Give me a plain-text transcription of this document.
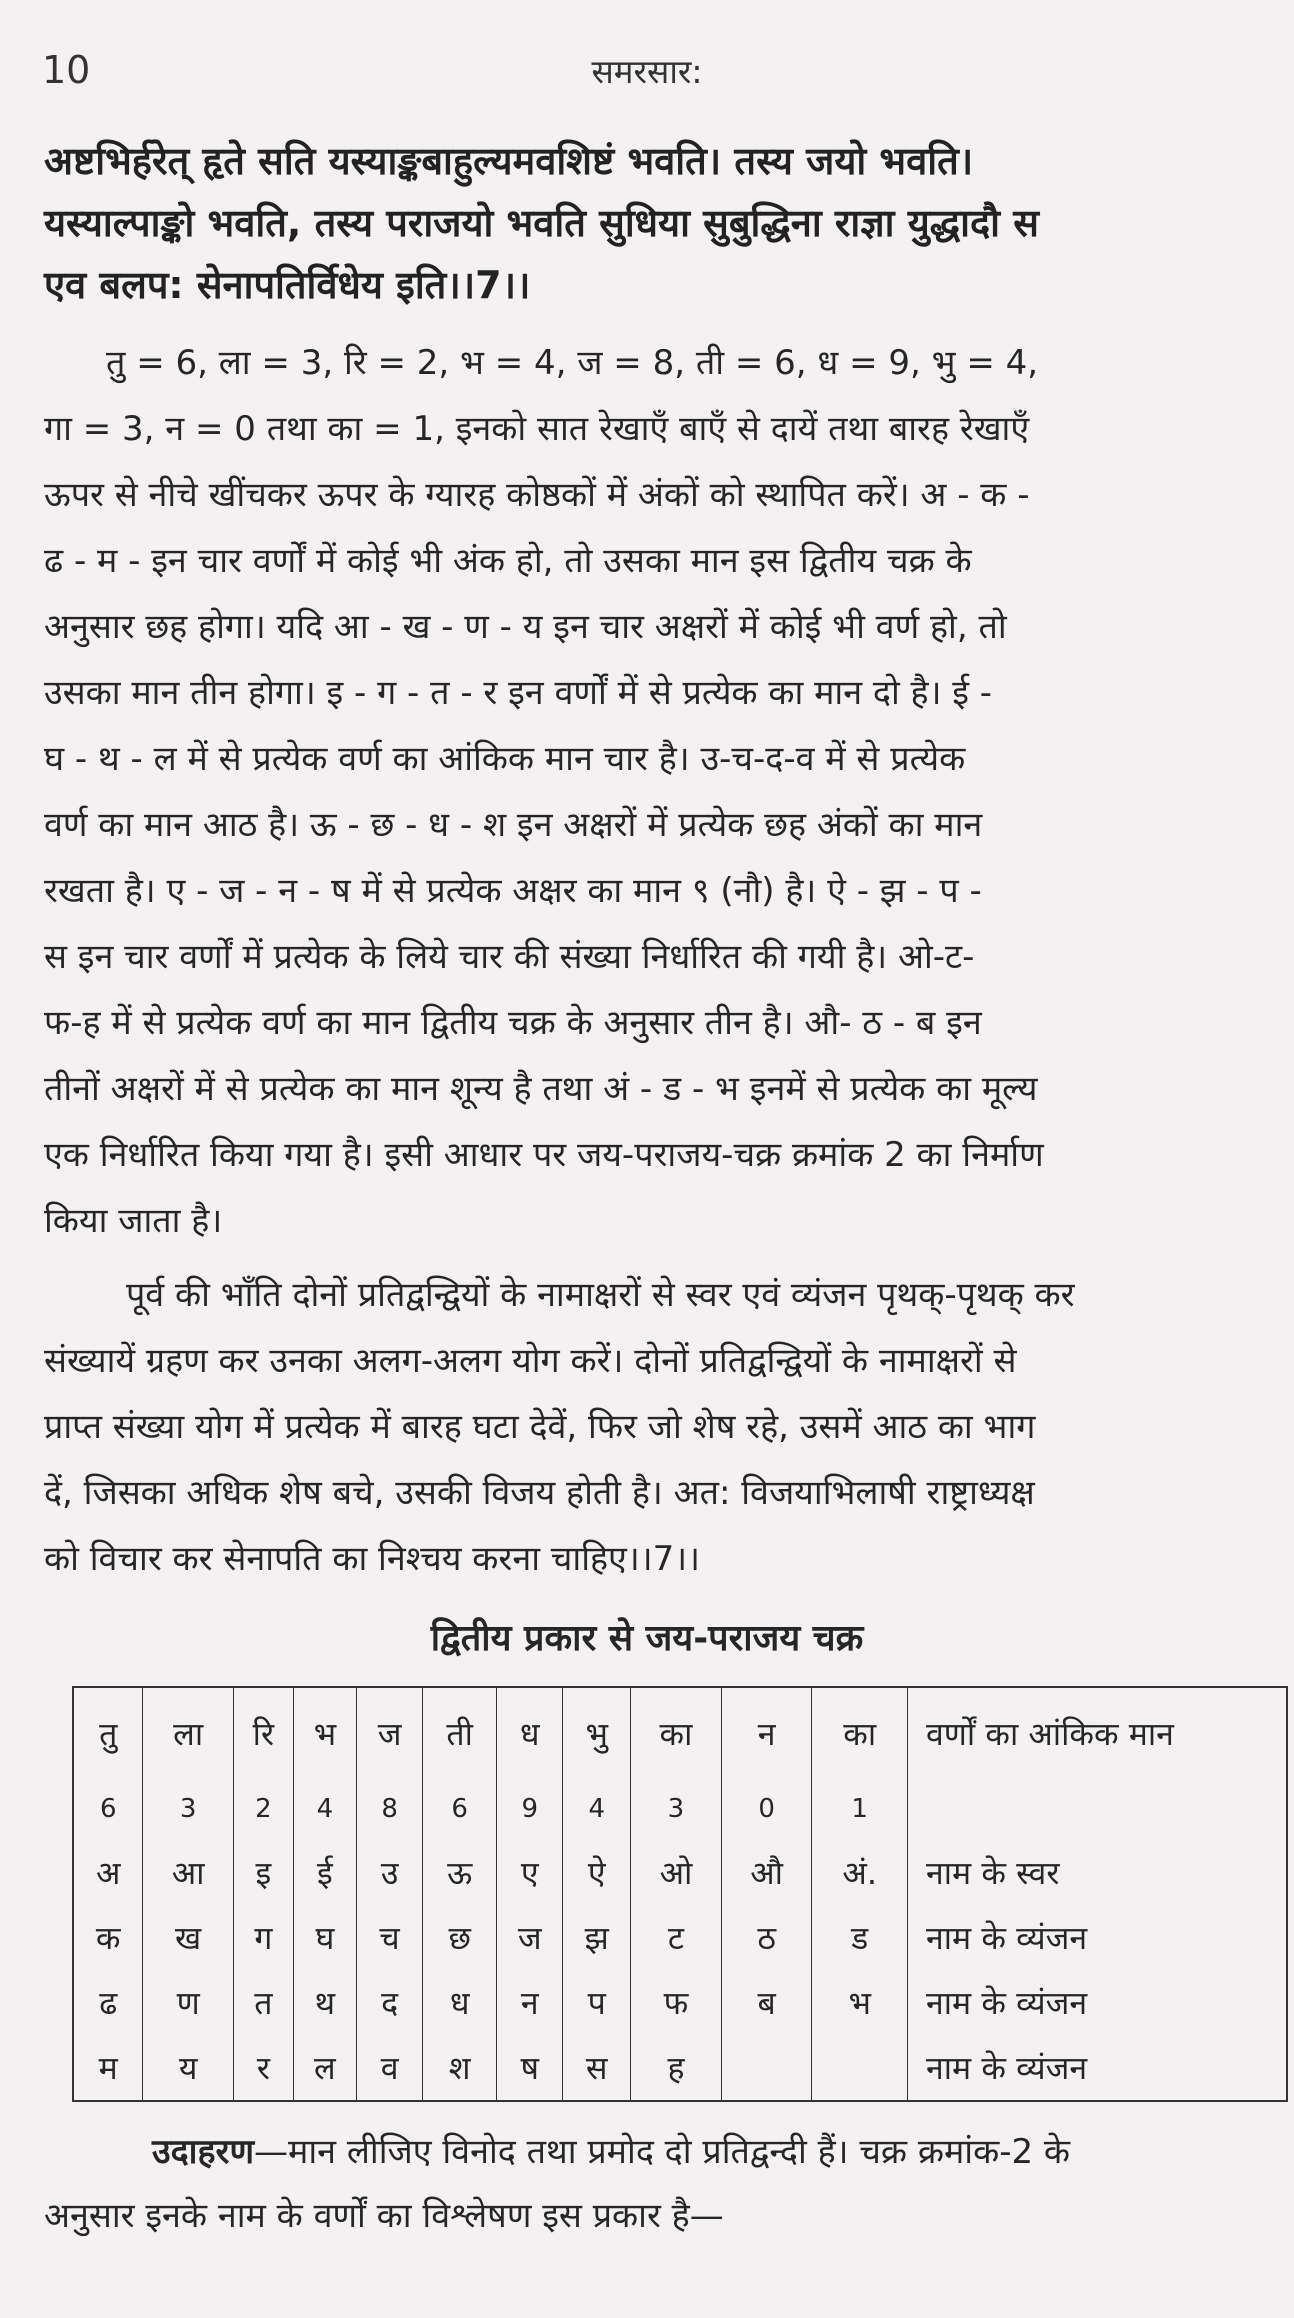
10	समरसार:
अष्टभिर्हरेत् हृते सति यस्याङ्कबाहुल्यमवशिष्टं भवति। तस्य जयो भवति।
यस्याल्पाङ्को भवति, तस्य पराजयो भवति सुधिया सुबुद्धिना राज्ञा युद्धादौ स
एव बलप: सेनापतिर्विधेय इति।।7।।
तु = 6, ला = 3, रि = 2, भ = 4, ज = 8, ती = 6, ध = 9, भु = 4,
गा = 3, न = 0 तथा का = 1, इनको सात रेखाएँ बाएँ से दायें तथा बारह रेखाएँ
ऊपर से नीचे खींचकर ऊपर के ग्यारह कोष्ठकों में अंकों को स्थापित करें। अ - क -
ढ - म - इन चार वर्णों में कोई भी अंक हो, तो उसका मान इस द्वितीय चक्र के
अनुसार छह होगा। यदि आ - ख - ण - य इन चार अक्षरों में कोई भी वर्ण हो, तो
उसका मान तीन होगा। इ - ग - त - र इन वर्णों में से प्रत्येक का मान दो है। ई -
घ - थ - ल में से प्रत्येक वर्ण का आंकिक मान चार है। उ-च-द-व में से प्रत्येक
वर्ण का मान आठ है। ऊ - छ - ध - श इन अक्षरों में प्रत्येक छह अंकों का मान
रखता है। ए - ज - न - ष में से प्रत्येक अक्षर का मान ९ (नौ) है। ऐ - झ - प -
स इन चार वर्णों में प्रत्येक के लिये चार की संख्या निर्धारित की गयी है। ओ-ट-
फ-ह में से प्रत्येक वर्ण का मान द्वितीय चक्र के अनुसार तीन है। औ- ठ - ब इन
तीनों अक्षरों में से प्रत्येक का मान शून्य है तथा अं - ड - भ इनमें से प्रत्येक का मूल्य
एक निर्धारित किया गया है। इसी आधार पर जय-पराजय-चक्र क्रमांक 2 का निर्माण
किया जाता है।
पूर्व की भाँति दोनों प्रतिद्वन्द्वियों के नामाक्षरों से स्वर एवं व्यंजन पृथक्-पृथक् कर
संख्यायें ग्रहण कर उनका अलग-अलग योग करें। दोनों प्रतिद्वन्द्वियों के नामाक्षरों से
प्राप्त संख्या योग में प्रत्येक में बारह घटा देवें, फिर जो शेष रहे, उसमें आठ का भाग
दें, जिसका अधिक शेष बचे, उसकी विजय होती है। अत: विजयाभिलाषी राष्ट्राध्यक्ष
को विचार कर सेनापति का निश्चय करना चाहिए।।7।।
द्वितीय प्रकार से जय-पराजय चक्र
तु	ला	रि	भ	ज	ती	ध	भु	का	न	का	वर्णों का आंकिक मान
6	3	2	4	8	6	9	4	3	0	1	
अ	आ	इ	ई	उ	ऊ	ए	ऐ	ओ	औ	अं.	नाम के स्वर
क	ख	ग	घ	च	छ	ज	झ	ट	ठ	ड	नाम के व्यंजन
ढ	ण	त	थ	द	ध	न	प	फ	ब	भ	नाम के व्यंजन
म	य	र	ल	व	श	ष	स	ह			नाम के व्यंजन
उदाहरण—मान लीजिए विनोद तथा प्रमोद दो प्रतिद्वन्दी हैं। चक्र क्रमांक-2 के
अनुसार इनके नाम के वर्णों का विश्लेषण इस प्रकार है—
